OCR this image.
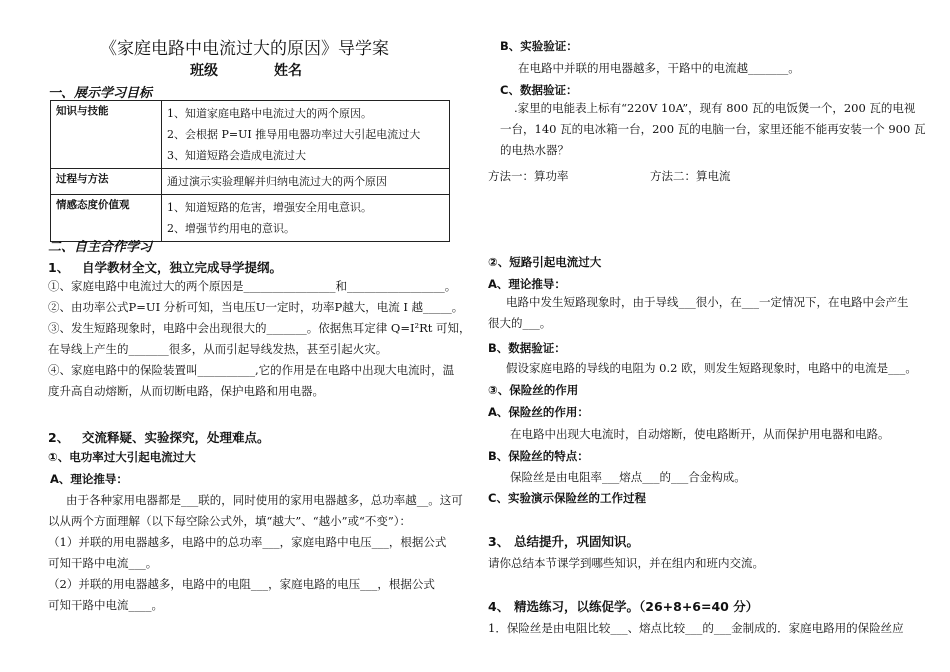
《家庭电路中电流过大的原因》导学案
班级	姓名
一、展示学习目标
知识与技能	1、知道家庭电路中电流过大的两个原因。
2、会根据 P=UI 推导用电器功率过大引起电流过大
3、知道短路会造成电流过大

过程与方法	通过演示实验理解并归纳电流过大的两个原因

情感态度价值观	1、知道短路的危害，增强安全用电意识。
2、增强节约用电的意识。
二、自主合作学习
1、 自学教材全文，独立完成导学提纲。
①、家庭电路中电流过大的两个原因是________________和_________________。
②、由功率公式P=UI 分析可知，当电压U一定时，功率P越大，电流 I 越_____。
③、发生短路现象时，电路中会出现很大的_______。依据焦耳定律 Q=I²Rt 可知，
在导线上产生的_______很多，从而引起导线发热，甚至引起火灾。
④、家庭电路中的保险装置叫__________,它的作用是在电路中出现大电流时，温
度升高自动熔断，从而切断电路，保护电路和用电器。
2、 交流释疑、实验探究，处理难点。
①、电功率过大引起电流过大
A、理论推导：
由于各种家用电器都是___联的，同时使用的家用电器越多，总功率越__。这可
以从两个方面理解（以下每空除公式外，填“越大”、“越小”或“不变”）：
（1）并联的用电器越多，电路中的总功率___，家庭电路中电压___，根据公式
可知干路中电流___。
（2）并联的用电器越多，电路中的电阻___，家庭电路的电压___，根据公式
可知干路中电流____。
B、实验验证：
在电路中并联的用电器越多，干路中的电流越_______。
C、数据验证：
.家里的电能表上标有“220V 10A”，现有 800 瓦的电饭煲一个，200 瓦的电视
一台，140 瓦的电冰箱一台，200 瓦的电脑一台，家里还能不能再安装一个 900 瓦
的电热水器？
方法一：算功率	方法二：算电流
②、短路引起电流过大
A、理论推导：
电路中发生短路现象时，由于导线___很小，在___一定情况下，在电路中会产生
很大的___。
B、数据验证：
假设家庭电路的导线的电阻为 0.2 欧，则发生短路现象时，电路中的电流是___。
③、保险丝的作用
A、保险丝的作用：
在电路中出现大电流时，自动熔断，使电路断开，从而保护用电器和电路。
B、保险丝的特点：
保险丝是由电阻率___熔点___的___合金构成。
C、实验演示保险丝的工作过程
3、 总结提升，巩固知识。
请你总结本节课学到哪些知识，并在组内和班内交流。
4、 精选练习，以练促学。（26+8+6=40 分）
1．保险丝是由电阻比较___、熔点比较___的___金制成的．家庭电路用的保险丝应
